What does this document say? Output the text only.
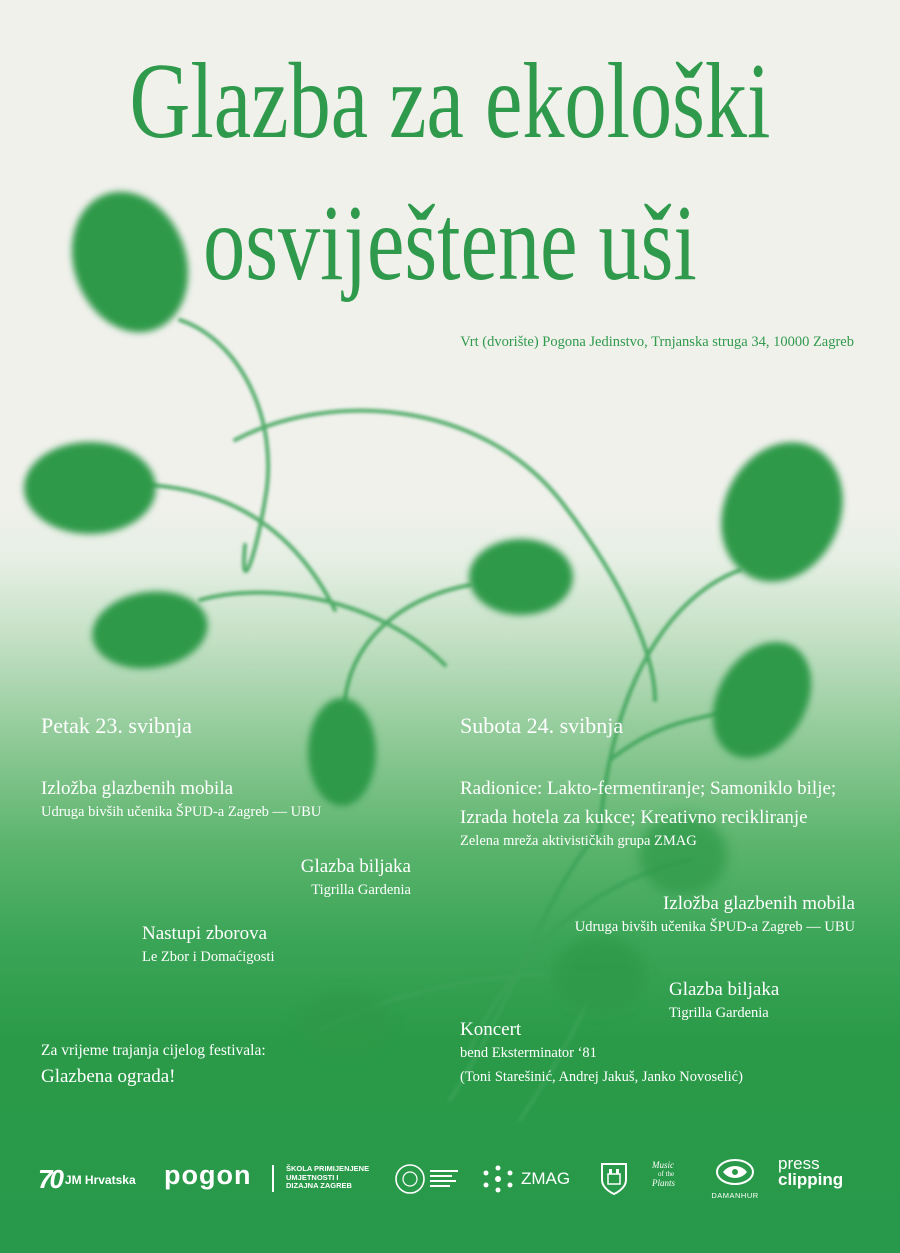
Glazba za ekološki
osviještene uši
Vrt (dvorište) Pogona Jedinstvo, Trnjanska struga 34, 10000 Zagreb
Petak 23. svibnja
Izložba glazbenih mobila
Udruga bivših učenika ŠPUD-a Zagreb — UBU
Glazba biljaka
Tigrilla Gardenia
Nastupi zborova
Le Zbor i Domaćigosti
Za vrijeme trajanja cijelog festivala:
Glazbena ograda!
Subota 24. svibnja
Radionice: Lakto-fermentiranje; Samoniklo bilje;
Izrada hotela za kukce; Kreativno recikliranje
Zelena mreža aktivističkih grupa ZMAG
Izložba glazbenih mobila
Udruga bivših učenika ŠPUD-a Zagreb — UBU
Glazba biljaka
Tigrilla Gardenia
Koncert
bend Eksterminator ‘81
(Toni Starešinić, Andrej Jakuš, Janko Novoselić)
70 JM Hrvatska pogon	ŠKOLA PRIMIJENJENE
UMJETNOSTI I
DIZAJNA ZAGREB	ZMAG
Music
of the
Plants
DAMANHUR
press
clipping
